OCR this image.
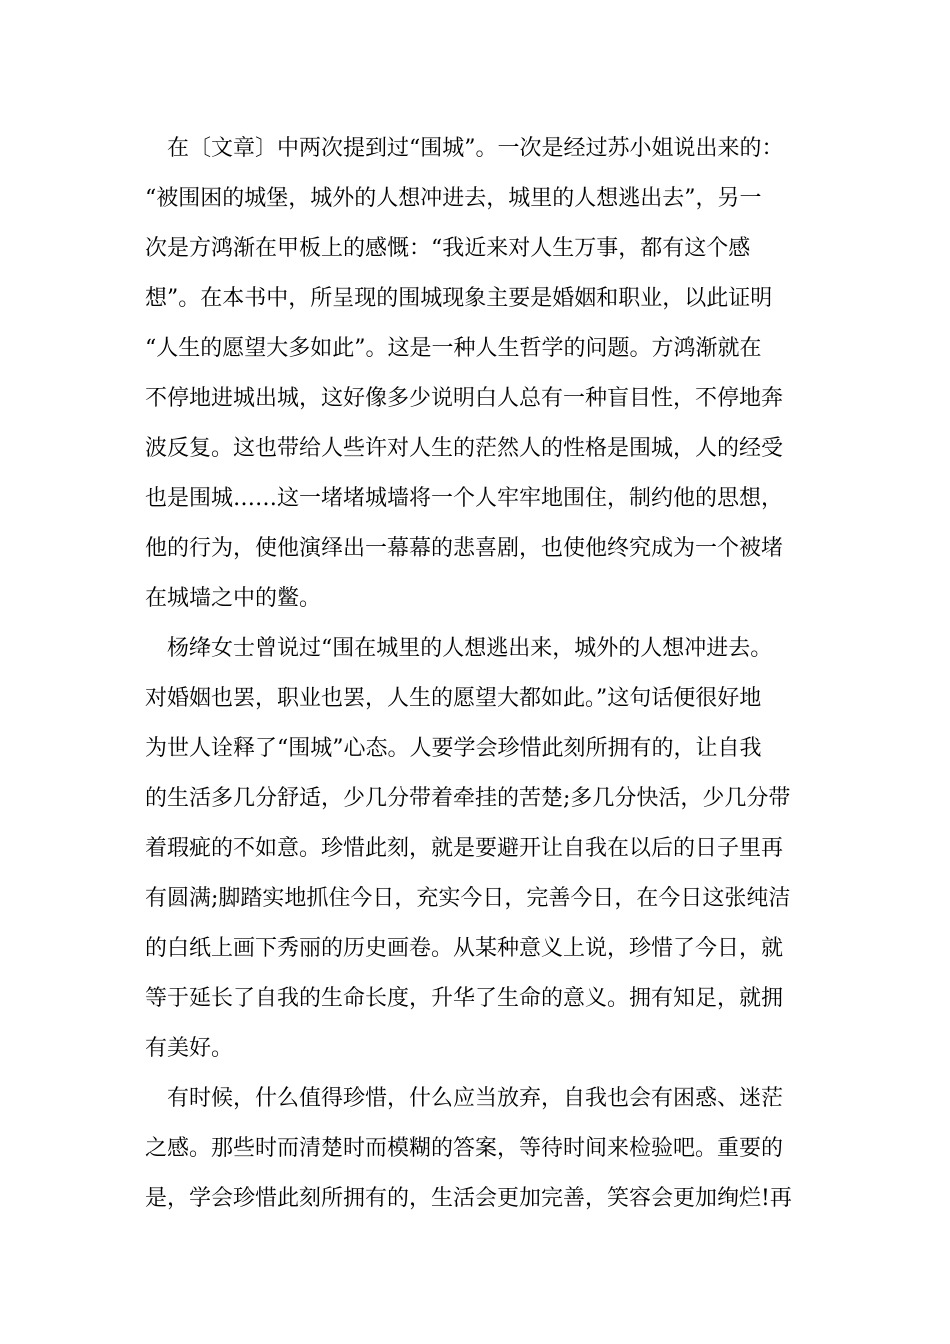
在〔文章〕中两次提到过“围城”。一次是经过苏小姐说出来的：
“被围困的城堡，城外的人想冲进去，城里的人想逃出去”，另一
次是方鸿渐在甲板上的感慨：“我近来对人生万事，都有这个感
想”。在本书中，所呈现的围城现象主要是婚姻和职业，以此证明
“人生的愿望大多如此”。这是一种人生哲学的问题。方鸿渐就在
不停地进城出城，这好像多少说明白人总有一种盲目性，不停地奔
波反复。这也带给人些许对人生的茫然人的性格是围城，人的经受
也是围城……这一堵堵城墙将一个人牢牢地围住，制约他的思想，
他的行为，使他演绎出一幕幕的悲喜剧，也使他终究成为一个被堵
在城墙之中的鳖。
杨绛女士曾说过“围在城里的人想逃出来，城外的人想冲进去。
对婚姻也罢，职业也罢，人生的愿望大都如此。”这句话便很好地
为世人诠释了“围城”心态。人要学会珍惜此刻所拥有的，让自我
的生活多几分舒适，少几分带着牵挂的苦楚;多几分快活，少几分带
着瑕疵的不如意。珍惜此刻，就是要避开让自我在以后的日子里再
有圆满;脚踏实地抓住今日，充实今日，完善今日，在今日这张纯洁
的白纸上画下秀丽的历史画卷。从某种意义上说，珍惜了今日，就
等于延长了自我的生命长度，升华了生命的意义。拥有知足，就拥
有美好。
有时候，什么值得珍惜，什么应当放弃，自我也会有困惑、迷茫
之感。那些时而清楚时而模糊的答案，等待时间来检验吧。重要的
是，学会珍惜此刻所拥有的，生活会更加完善，笑容会更加绚烂!再
